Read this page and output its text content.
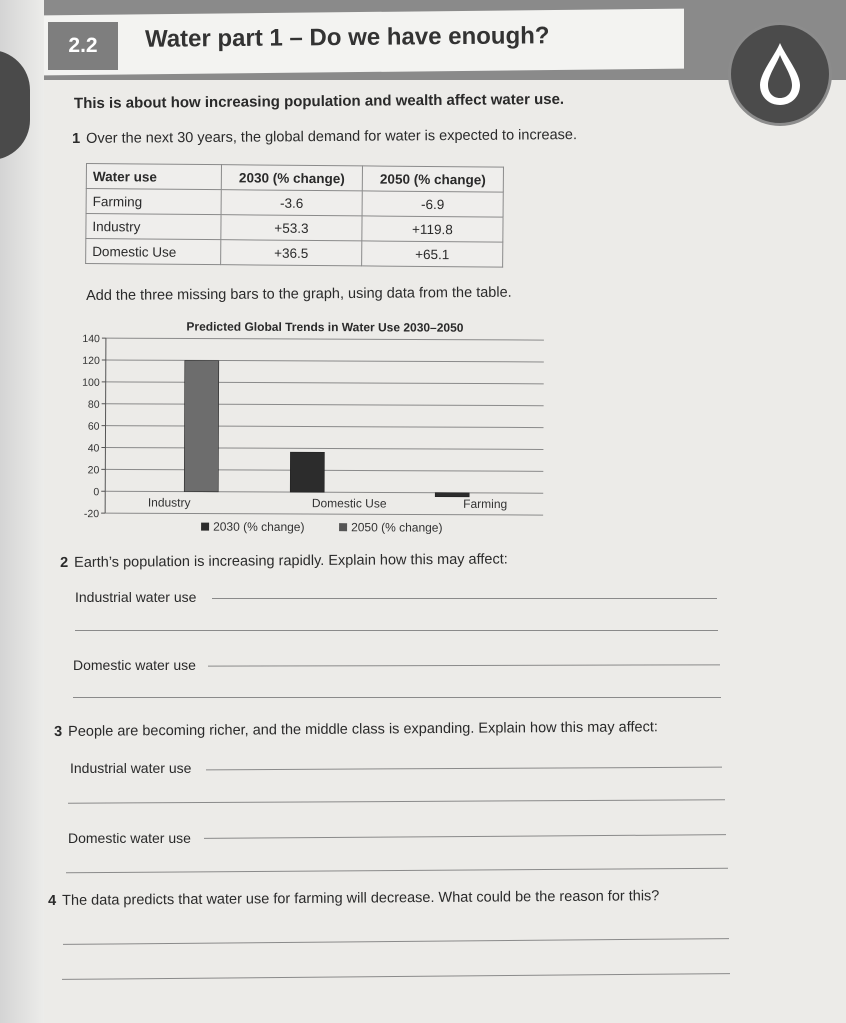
2.2	Water part 1 – Do we have enough?
This is about how increasing population and wealth affect water use.
1 Over the next 30 years, the global demand for water is expected to increase.
Water use	2030 (% change)	2050 (% change)
Farming	-3.6	-6.9
Industry	+53.3	+119.8
Domestic Use	+36.5	+65.1
Add the three missing bars to the graph, using data from the table.
Predicted Global Trends in Water Use 2030–2050
140
120
100
80
60
40
20
0
-20
Industry	Domestic Use	Farming
2030 (% change)	2050 (% change)
2 Earth’s population is increasing rapidly. Explain how this may affect:
Industrial water use
Domestic water use
3 People are becoming richer, and the middle class is expanding. Explain how this may affect:
Industrial water use
Domestic water use
4 The data predicts that water use for farming will decrease. What could be the reason for this?
